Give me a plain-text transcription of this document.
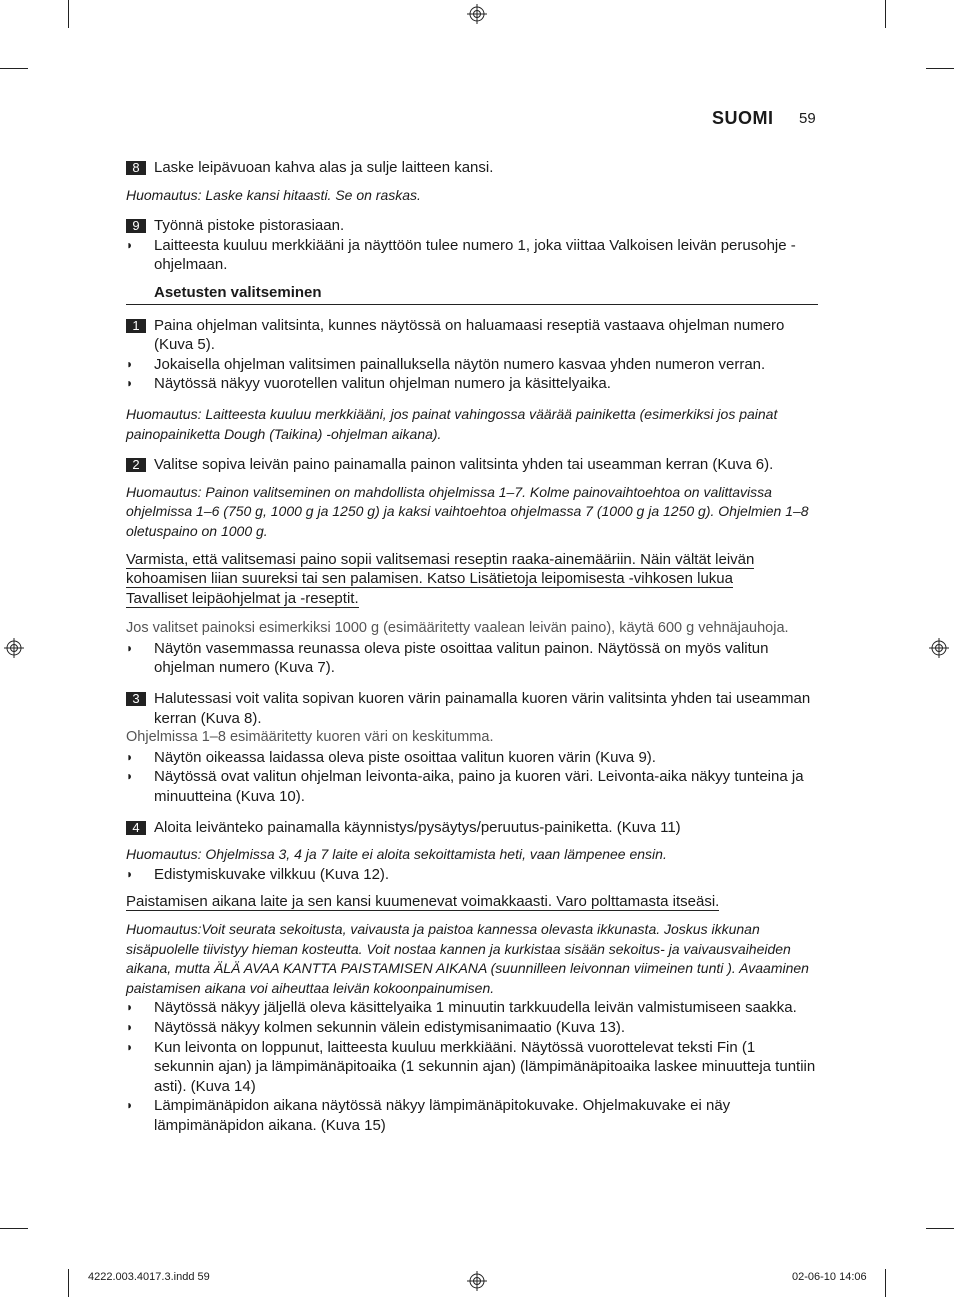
SUOMI 59

8 Laske leipävuoan kahva alas ja sulje laitteen kansi.

Huomautus: Laske kansi hitaasti. Se on raskas.

9 Työnnä pistoke pistorasiaan.

◗ Laitteesta kuuluu merkkiääni ja näyttöön tulee numero 1, joka viittaa Valkoisen leivän perusohje -ohjelmaan.

Asetusten valitseminen

1 Paina ohjelman valitsinta, kunnes näytössä on haluamaasi reseptiä vastaava ohjelman numero (Kuva 5).

◗ Jokaisella ohjelman valitsimen painalluksella näytön numero kasvaa yhden numeron verran.

◗ Näytössä näkyy vuorotellen valitun ohjelman numero ja käsittelyaika.

Huomautus: Laitteesta kuuluu merkkiääni, jos painat vahingossa väärää painiketta (esimerkiksi jos painat painopainiketta Dough (Taikina) -ohjelman aikana).

2 Valitse sopiva leivän paino painamalla painon valitsinta yhden tai useamman kerran (Kuva 6).

Huomautus: Painon valitseminen on mahdollista ohjelmissa 1–7. Kolme painovaihtoehtoa on valittavissa ohjelmissa 1–6 (750 g, 1000 g ja 1250 g) ja kaksi vaihtoehtoa ohjelmassa 7 (1000 g ja 1250 g). Ohjelmien 1–8 oletuspaino on 1000 g.

Varmista, että valitsemasi paino sopii valitsemasi reseptin raaka-ainemääriin. Näin vältät leivän
kohoamisen liian suureksi tai sen palamisen. Katso Lisätietoja leipomisesta -vihkosen lukua
Tavalliset leipäohjelmat ja -reseptit.

Jos valitset painoksi esimerkiksi 1000 g (esimääritetty vaalean leivän paino), käytä 600 g vehnäjauhoja.

◗ Näytön vasemmassa reunassa oleva piste osoittaa valitun painon. Näytössä on myös valitun ohjelman numero (Kuva 7).

3 Halutessasi voit valita sopivan kuoren värin painamalla kuoren värin valitsinta yhden tai useamman kerran (Kuva 8).

Ohjelmissa 1–8 esimääritetty kuoren väri on keskitumma.

◗ Näytön oikeassa laidassa oleva piste osoittaa valitun kuoren värin (Kuva 9).

◗ Näytössä ovat valitun ohjelman leivonta-aika, paino ja kuoren väri. Leivonta-aika näkyy tunteina ja minuutteina (Kuva 10).

4 Aloita leivänteko painamalla käynnistys/pysäytys/peruutus-painiketta. (Kuva 11)

Huomautus: Ohjelmissa 3, 4 ja 7 laite ei aloita sekoittamista heti, vaan lämpenee ensin.

◗ Edistymiskuvake vilkkuu (Kuva 12).

Paistamisen aikana laite ja sen kansi kuumenevat voimakkaasti. Varo polttamasta itseäsi.

Huomautus:Voit seurata sekoitusta, vaivausta ja paistoa kannessa olevasta ikkunasta. Joskus ikkunan sisäpuolelle tiivistyy hieman kosteutta. Voit nostaa kannen ja kurkistaa sisään sekoitus- ja vaivausvaiheiden aikana, mutta ÄLÄ AVAA KANTTA PAISTAMISEN AIKANA (suunnilleen leivonnan viimeinen tunti ). Avaaminen paistamisen aikana voi aiheuttaa leivän kokoonpainumisen.

◗ Näytössä näkyy jäljellä oleva käsittelyaika 1 minuutin tarkkuudella leivän valmistumiseen saakka.

◗ Näytössä näkyy kolmen sekunnin välein edistymisanimaatio (Kuva 13).

◗ Kun leivonta on loppunut, laitteesta kuuluu merkkiääni. Näytössä vuorottelevat teksti Fin (1 sekunnin ajan) ja lämpimänäpitoaika (1 sekunnin ajan) (lämpimänäpitoaika laskee minuutteja tuntiin asti). (Kuva 14)

◗ Lämpimänäpidon aikana näytössä näkyy lämpimänäpitokuvake. Ohjelmakuvake ei näy lämpimänäpidon aikana. (Kuva 15)

4222.003.4017.3.indd 59	02-06-10 14:06
